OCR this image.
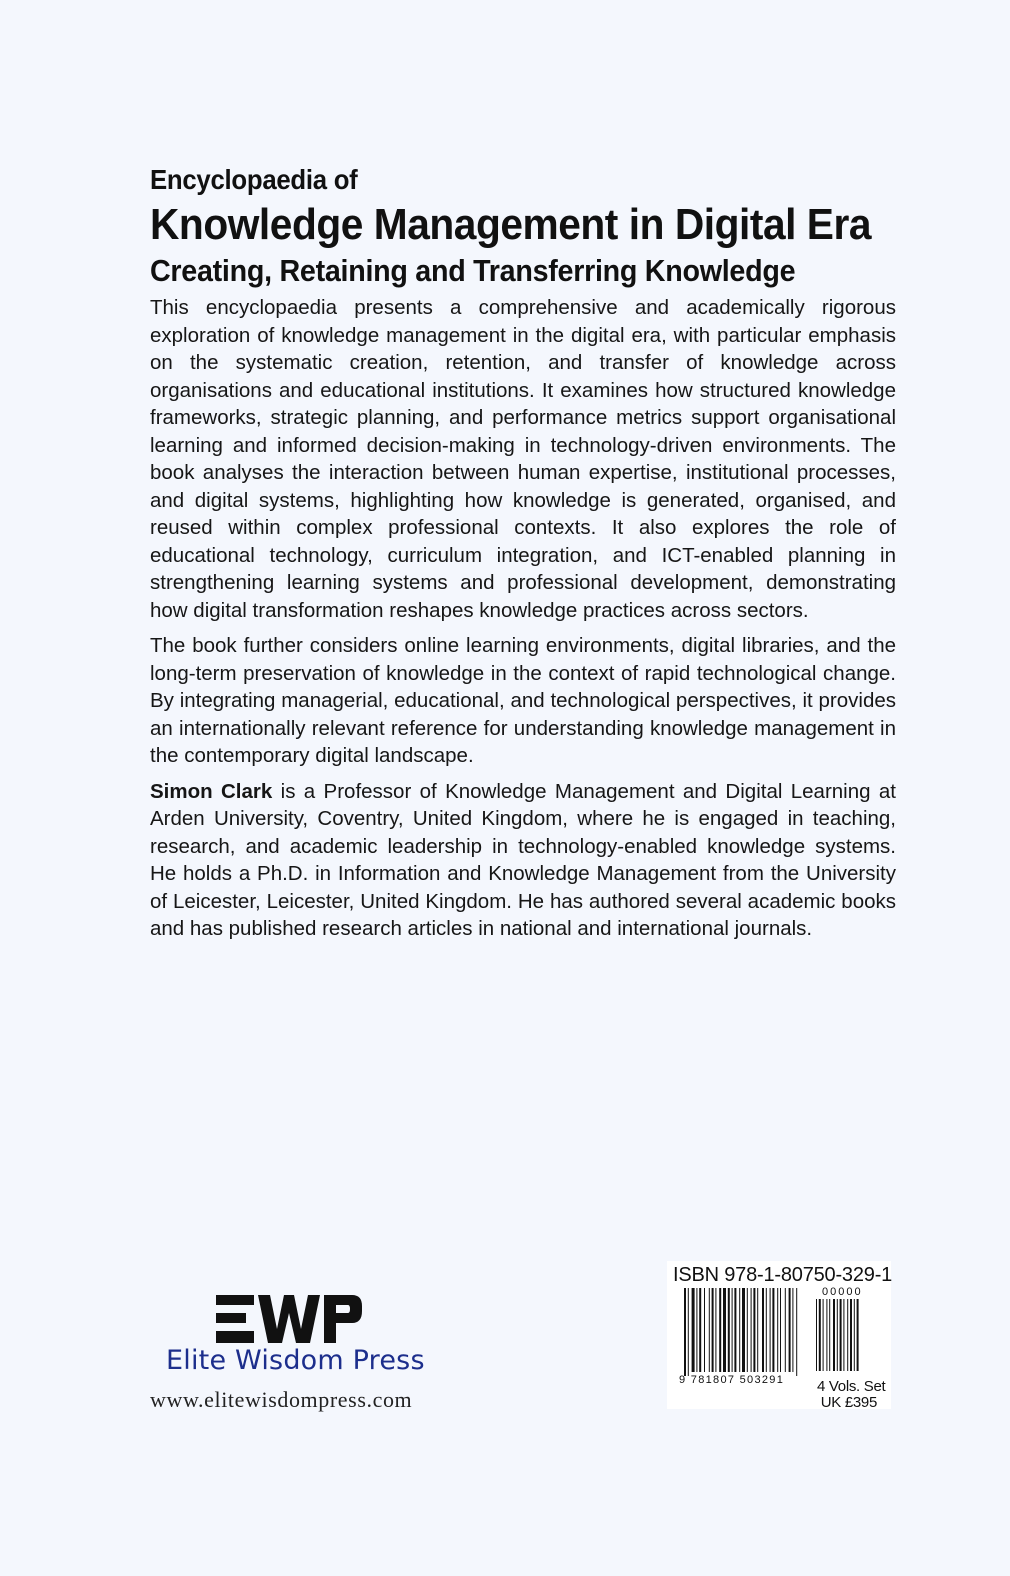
Encyclopaedia of
Knowledge Management in Digital Era
Creating, Retaining and Transferring Knowledge

This encyclopaedia presents a comprehensive and academically rigorous exploration of knowledge management in the digital era, with particular emphasis on the systematic creation, retention, and transfer of knowledge across organisations and educational institutions. It examines how structured knowledge frameworks, strategic planning, and performance metrics support organisational learning and informed decision-making in technology-driven environments. The book analyses the interaction between human expertise, institutional processes, and digital systems, highlighting how knowledge is generated, organised, and reused within complex professional contexts. It also explores the role of educational technology, curriculum integration, and ICT-enabled planning in strengthening learning systems and professional development, demonstrating how digital transformation reshapes knowledge practices across sectors.

The book further considers online learning environments, digital libraries, and the long-term preservation of knowledge in the context of rapid technological change. By integrating managerial, educational, and technological perspectives, it provides an internationally relevant reference for understanding knowledge management in the contemporary digital landscape.

Simon Clark is a Professor of Knowledge Management and Digital Learning at Arden University, Coventry, United Kingdom, where he is engaged in teaching, research, and academic leadership in technology-enabled knowledge systems. He holds a Ph.D. in Information and Knowledge Management from the University of Leicester, Leicester, United Kingdom. He has authored several academic books and has published research articles in national and international journals.

Elite Wisdom Press
www.elitewisdompress.com
ISBN 978-1-80750-329-1
00000
9 781807 503291 4 Vols. Set
UK £395
